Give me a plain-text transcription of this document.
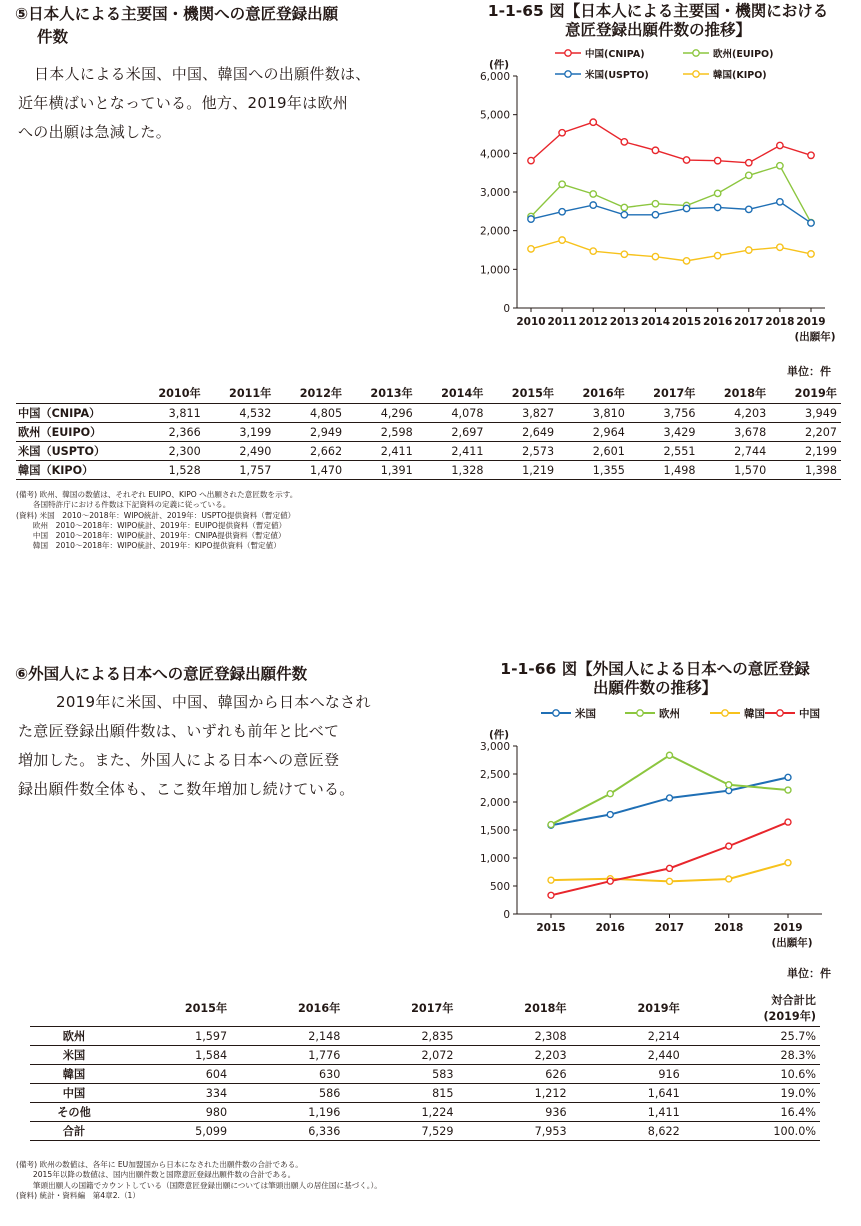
⑤日本人による主要国・機関への意匠登録出願
件数
日本人による米国、中国、韓国への出願件数は、
近年横ばいとなっている。他方、2019年は欧州
への出願は急減した。
1-1-65 図【日本人による主要国・機関における
意匠登録出願件数の推移】
0
1,000
2,000
3,000
4,000
5,000
6,000
2010 2011 2012 2013 2014 2015 2016 2017 2018 2019
(件)
(出願年)
中国(CNIPA)	欧州(EUIPO)
米国(USPTO)	韓国(KIPO)
単位：件
	2010年	2011年	2012年	2013年	2014年	2015年	2016年	2017年	2018年	2019年
中国（CNIPA）	3,811	4,532	4,805	4,296	4,078	3,827	3,810	3,756	4,203	3,949
欧州（EUIPO）	2,366	3,199	2,949	2,598	2,697	2,649	2,964	3,429	3,678	2,207
米国（USPTO）	2,300	2,490	2,662	2,411	2,411	2,573	2,601	2,551	2,744	2,199
韓国（KIPO）	1,528	1,757	1,470	1,391	1,328	1,219	1,355	1,498	1,570	1,398
(備考) 欧州、韓国の数値は、それぞれ EUIPO、KIPO へ出願された意匠数を示す。
各国特許庁における件数は下記資料の定義に従っている。
(資料) 米国　2010～2018年：WIPO統計、2019年：USPTO提供資料（暫定値）
欧州　2010～2018年：WIPO統計、2019年：EUIPO提供資料（暫定値）
中国　2010～2018年：WIPO統計、2019年：CNIPA提供資料（暫定値）
韓国　2010～2018年：WIPO統計、2019年：KIPO提供資料（暫定値）
⑥外国人による日本への意匠登録出願件数
2019年に米国、中国、韓国から日本へなされ
た意匠登録出願件数は、いずれも前年と比べて
増加した。また、外国人による日本への意匠登
録出願件数全体も、ここ数年増加し続けている。
1-1-66 図【外国人による日本への意匠登録
出願件数の推移】
0
500
1,000
1,500
2,000
2,500
3,000
2015	2016	2017	2018	2019
(件)
(出願年)
米国	欧州	韓国	中国
単位：件
	2015年	2016年	2017年	2018年	2019年	対合計比
(2019年)

欧州	1,597	2,148	2,835	2,308	2,214	25.7%
米国	1,584	1,776	2,072	2,203	2,440	28.3%
韓国	604	630	583	626	916	10.6%
中国	334	586	815	1,212	1,641	19.0%
その他	980	1,196	1,224	936	1,411	16.4%
合計	5,099	6,336	7,529	7,953	8,622	100.0%
(備考) 欧州の数値は、各年に EU加盟国から日本になされた出願件数の合計である。
2015年以降の数値は、国内出願件数と国際意匠登録出願件数の合計である。
筆頭出願人の国籍でカウントしている（国際意匠登録出願については筆頭出願人の居住国に基づく。）。
(資料) 統計・資料編　第4章2.（1）
